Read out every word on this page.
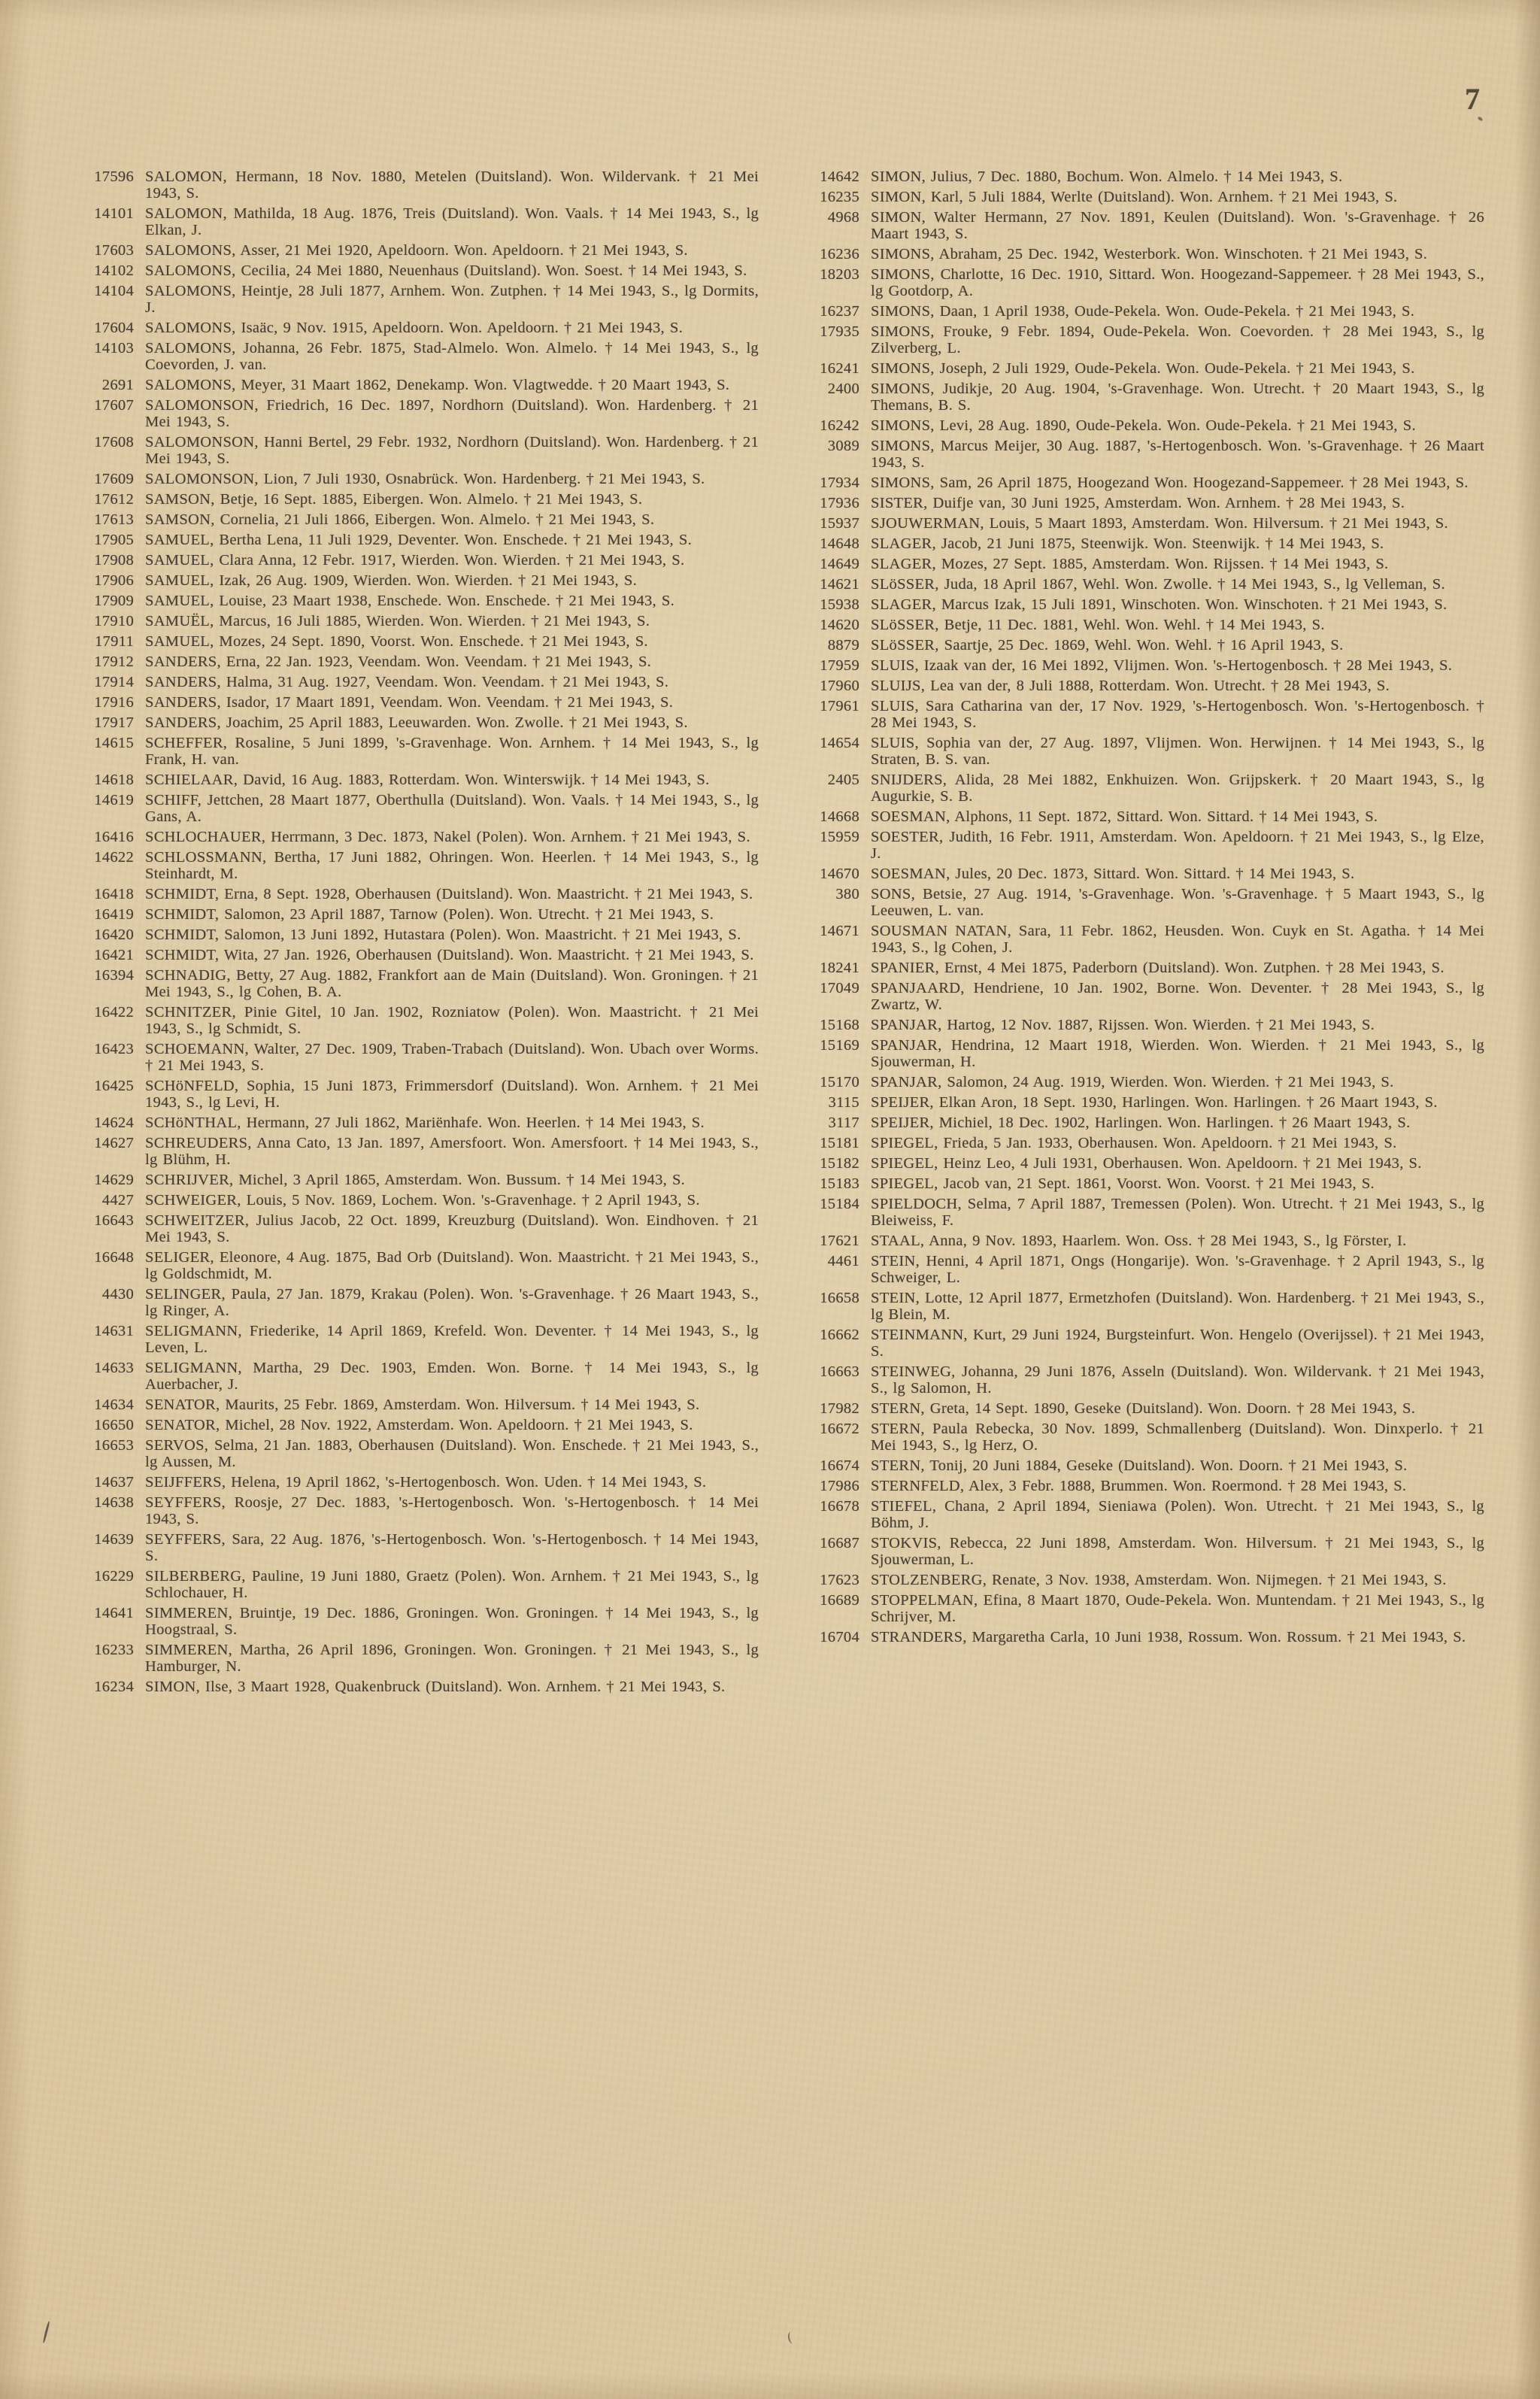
7
17596 SALOMON, Hermann, 18 Nov. 1880, Metelen (Duitsland). Won. Wildervank. † 21 Mei 1943, S.
14101 SALOMON, Mathilda, 18 Aug. 1876, Treis (Duitsland). Won. Vaals. † 14 Mei 1943, S., lg Elkan, J.
17603 SALOMONS, Asser, 21 Mei 1920, Apeldoorn. Won. Apeldoorn. † 21 Mei 1943, S.
14102 SALOMONS, Cecilia, 24 Mei 1880, Neuenhaus (Duitsland). Won. Soest. † 14 Mei 1943, S.
14104 SALOMONS, Heintje, 28 Juli 1877, Arnhem. Won. Zutphen. † 14 Mei 1943, S., lg Dormits, J.
17604 SALOMONS, Isaäc, 9 Nov. 1915, Apeldoorn. Won. Apeldoorn. † 21 Mei 1943, S.
14103 SALOMONS, Johanna, 26 Febr. 1875, Stad-Almelo. Won. Almelo. † 14 Mei 1943, S., lg Coevorden, J. van.
2691 SALOMONS, Meyer, 31 Maart 1862, Denekamp. Won. Vlagtwedde. † 20 Maart 1943, S.
17607 SALOMONSON, Friedrich, 16 Dec. 1897, Nordhorn (Duitsland). Won. Hardenberg. † 21 Mei 1943, S.
17608 SALOMONSON, Hanni Bertel, 29 Febr. 1932, Nordhorn (Duitsland). Won. Hardenberg. † 21 Mei 1943, S.
17609 SALOMONSON, Lion, 7 Juli 1930, Osnabrück. Won. Hardenberg. † 21 Mei 1943, S.
17612 SAMSON, Betje, 16 Sept. 1885, Eibergen. Won. Almelo. † 21 Mei 1943, S.
17613 SAMSON, Cornelia, 21 Juli 1866, Eibergen. Won. Almelo. † 21 Mei 1943, S.
17905 SAMUEL, Bertha Lena, 11 Juli 1929, Deventer. Won. Enschede. † 21 Mei 1943, S.
17908 SAMUEL, Clara Anna, 12 Febr. 1917, Wierden. Won. Wierden. † 21 Mei 1943, S.
17906 SAMUEL, Izak, 26 Aug. 1909, Wierden. Won. Wierden. † 21 Mei 1943, S.
17909 SAMUEL, Louise, 23 Maart 1938, Enschede. Won. Enschede. † 21 Mei 1943, S.
17910 SAMUËL, Marcus, 16 Juli 1885, Wierden. Won. Wierden. † 21 Mei 1943, S.
17911 SAMUEL, Mozes, 24 Sept. 1890, Voorst. Won. Enschede. † 21 Mei 1943, S.
17912 SANDERS, Erna, 22 Jan. 1923, Veendam. Won. Veendam. † 21 Mei 1943, S.
17914 SANDERS, Halma, 31 Aug. 1927, Veendam. Won. Veendam. † 21 Mei 1943, S.
17916 SANDERS, Isador, 17 Maart 1891, Veendam. Won. Veendam. † 21 Mei 1943, S.
17917 SANDERS, Joachim, 25 April 1883, Leeuwarden. Won. Zwolle. † 21 Mei 1943, S.
14615 SCHEFFER, Rosaline, 5 Juni 1899, 's-Gravenhage. Won. Arnhem. † 14 Mei 1943, S., lg Frank, H. van.
14618 SCHIELAAR, David, 16 Aug. 1883, Rotterdam. Won. Winterswijk. † 14 Mei 1943, S.
14619 SCHIFF, Jettchen, 28 Maart 1877, Oberthulla (Duitsland). Won. Vaals. † 14 Mei 1943, S., lg Gans, A.
16416 SCHLOCHAUER, Herrmann, 3 Dec. 1873, Nakel (Polen). Won. Arnhem. † 21 Mei 1943, S.
14622 SCHLOSSMANN, Bertha, 17 Juni 1882, Ohringen. Won. Heerlen. † 14 Mei 1943, S., lg Steinhardt, M.
16418 SCHMIDT, Erna, 8 Sept. 1928, Oberhausen (Duitsland). Won. Maastricht. † 21 Mei 1943, S.
16419 SCHMIDT, Salomon, 23 April 1887, Tarnow (Polen). Won. Utrecht. † 21 Mei 1943, S.
16420 SCHMIDT, Salomon, 13 Juni 1892, Hutastara (Polen). Won. Maastricht. † 21 Mei 1943, S.
16421 SCHMIDT, Wita, 27 Jan. 1926, Oberhausen (Duitsland). Won. Maastricht. † 21 Mei 1943, S.
16394 SCHNADIG, Betty, 27 Aug. 1882, Frankfort aan de Main (Duitsland). Won. Groningen. † 21 Mei 1943, S., lg Cohen, B. A.
16422 SCHNITZER, Pinie Gitel, 10 Jan. 1902, Rozniatow (Polen). Won. Maastricht. † 21 Mei 1943, S., lg Schmidt, S.
16423 SCHOEMANN, Walter, 27 Dec. 1909, Traben-Trabach (Duitsland). Won. Ubach over Worms. † 21 Mei 1943, S.
16425 SCHöNFELD, Sophia, 15 Juni 1873, Frimmersdorf (Duitsland). Won. Arnhem. † 21 Mei 1943, S., lg Levi, H.
14624 SCHöNTHAL, Hermann, 27 Juli 1862, Mariënhafe. Won. Heerlen. † 14 Mei 1943, S.
14627 SCHREUDERS, Anna Cato, 13 Jan. 1897, Amersfoort. Won. Amersfoort. † 14 Mei 1943, S., lg Blühm, H.
14629 SCHRIJVER, Michel, 3 April 1865, Amsterdam. Won. Bussum. † 14 Mei 1943, S.
4427 SCHWEIGER, Louis, 5 Nov. 1869, Lochem. Won. 's-Gravenhage. † 2 April 1943, S.
16643 SCHWEITZER, Julius Jacob, 22 Oct. 1899, Kreuzburg (Duitsland). Won. Eindhoven. † 21 Mei 1943, S.
16648 SELIGER, Eleonore, 4 Aug. 1875, Bad Orb (Duitsland). Won. Maastricht. † 21 Mei 1943, S., lg Goldschmidt, M.
4430 SELINGER, Paula, 27 Jan. 1879, Krakau (Polen). Won. 's-Gravenhage. † 26 Maart 1943, S., lg Ringer, A.
14631 SELIGMANN, Friederike, 14 April 1869, Krefeld. Won. Deventer. † 14 Mei 1943, S., lg Leven, L.
14633 SELIGMANN, Martha, 29 Dec. 1903, Emden. Won. Borne. † 14 Mei 1943, S., lg Auerbacher, J.
14634 SENATOR, Maurits, 25 Febr. 1869, Amsterdam. Won. Hilversum. † 14 Mei 1943, S.
16650 SENATOR, Michel, 28 Nov. 1922, Amsterdam. Won. Apeldoorn. † 21 Mei 1943, S.
16653 SERVOS, Selma, 21 Jan. 1883, Oberhausen (Duitsland). Won. Enschede. † 21 Mei 1943, S., lg Aussen, M.
14637 SEIJFFERS, Helena, 19 April 1862, 's-Hertogenbosch. Won. Uden. † 14 Mei 1943, S.
14638 SEYFFERS, Roosje, 27 Dec. 1883, 's-Hertogenbosch. Won. 's-Hertogenbosch. † 14 Mei 1943, S.
14639 SEYFFERS, Sara, 22 Aug. 1876, 's-Hertogenbosch. Won. 's-Hertogenbosch. † 14 Mei 1943, S.
16229 SILBERBERG, Pauline, 19 Juni 1880, Graetz (Polen). Won. Arnhem. † 21 Mei 1943, S., lg Schlochauer, H.
14641 SIMMEREN, Bruintje, 19 Dec. 1886, Groningen. Won. Groningen. † 14 Mei 1943, S., lg Hoogstraal, S.
16233 SIMMEREN, Martha, 26 April 1896, Groningen. Won. Groningen. † 21 Mei 1943, S., lg Hamburger, N.
16234 SIMON, Ilse, 3 Maart 1928, Quakenbruck (Duitsland). Won. Arnhem. † 21 Mei 1943, S.
14642 SIMON, Julius, 7 Dec. 1880, Bochum. Won. Almelo. † 14 Mei 1943, S.
16235 SIMON, Karl, 5 Juli 1884, Werlte (Duitsland). Won. Arnhem. † 21 Mei 1943, S.
4968 SIMON, Walter Hermann, 27 Nov. 1891, Keulen (Duitsland). Won. 's-Gravenhage. † 26 Maart 1943, S.
16236 SIMONS, Abraham, 25 Dec. 1942, Westerbork. Won. Winschoten. † 21 Mei 1943, S.
18203 SIMONS, Charlotte, 16 Dec. 1910, Sittard. Won. Hoogezand-Sappemeer. † 28 Mei 1943, S., lg Gootdorp, A.
16237 SIMONS, Daan, 1 April 1938, Oude-Pekela. Won. Oude-Pekela. † 21 Mei 1943, S.
17935 SIMONS, Frouke, 9 Febr. 1894, Oude-Pekela. Won. Coevorden. † 28 Mei 1943, S., lg Zilverberg, L.
16241 SIMONS, Joseph, 2 Juli 1929, Oude-Pekela. Won. Oude-Pekela. † 21 Mei 1943, S.
2400 SIMONS, Judikje, 20 Aug. 1904, 's-Gravenhage. Won. Utrecht. † 20 Maart 1943, S., lg Themans, B. S.
16242 SIMONS, Levi, 28 Aug. 1890, Oude-Pekela. Won. Oude-Pekela. † 21 Mei 1943, S.
3089 SIMONS, Marcus Meijer, 30 Aug. 1887, 's-Hertogenbosch. Won. 's-Gravenhage. † 26 Maart 1943, S.
17934 SIMONS, Sam, 26 April 1875, Hoogezand Won. Hoogezand-Sappemeer. † 28 Mei 1943, S.
17936 SISTER, Duifje van, 30 Juni 1925, Amsterdam. Won. Arnhem. † 28 Mei 1943, S.
15937 SJOUWERMAN, Louis, 5 Maart 1893, Amsterdam. Won. Hilversum. † 21 Mei 1943, S.
14648 SLAGER, Jacob, 21 Juni 1875, Steenwijk. Won. Steenwijk. † 14 Mei 1943, S.
14649 SLAGER, Mozes, 27 Sept. 1885, Amsterdam. Won. Rijssen. † 14 Mei 1943, S.
14621 SLöSSER, Juda, 18 April 1867, Wehl. Won. Zwolle. † 14 Mei 1943, S., lg Velleman, S.
15938 SLAGER, Marcus Izak, 15 Juli 1891, Winschoten. Won. Winschoten. † 21 Mei 1943, S.
14620 SLöSSER, Betje, 11 Dec. 1881, Wehl. Won. Wehl. † 14 Mei 1943, S.
8879 SLöSSER, Saartje, 25 Dec. 1869, Wehl. Won. Wehl. † 16 April 1943, S.
17959 SLUIS, Izaak van der, 16 Mei 1892, Vlijmen. Won. 's-Hertogenbosch. † 28 Mei 1943, S.
17960 SLUIJS, Lea van der, 8 Juli 1888, Rotterdam. Won. Utrecht. † 28 Mei 1943, S.
17961 SLUIS, Sara Catharina van der, 17 Nov. 1929, 's-Hertogenbosch. Won. 's-Hertogenbosch. † 28 Mei 1943, S.
14654 SLUIS, Sophia van der, 27 Aug. 1897, Vlijmen. Won. Herwijnen. † 14 Mei 1943, S., lg Straten, B. S. van.
2405 SNIJDERS, Alida, 28 Mei 1882, Enkhuizen. Won. Grijpskerk. † 20 Maart 1943, S., lg Augurkie, S. B.
14668 SOESMAN, Alphons, 11 Sept. 1872, Sittard. Won. Sittard. † 14 Mei 1943, S.
15959 SOESTER, Judith, 16 Febr. 1911, Amsterdam. Won. Apeldoorn. † 21 Mei 1943, S., lg Elze, J.
14670 SOESMAN, Jules, 20 Dec. 1873, Sittard. Won. Sittard. † 14 Mei 1943, S.
380 SONS, Betsie, 27 Aug. 1914, 's-Gravenhage. Won. 's-Gravenhage. † 5 Maart 1943, S., lg Leeuwen, L. van.
14671 SOUSMAN NATAN, Sara, 11 Febr. 1862, Heusden. Won. Cuyk en St. Agatha. † 14 Mei 1943, S., lg Cohen, J.
18241 SPANIER, Ernst, 4 Mei 1875, Paderborn (Duitsland). Won. Zutphen. † 28 Mei 1943, S.
17049 SPANJAARD, Hendriene, 10 Jan. 1902, Borne. Won. Deventer. † 28 Mei 1943, S., lg Zwartz, W.
15168 SPANJAR, Hartog, 12 Nov. 1887, Rijssen. Won. Wierden. † 21 Mei 1943, S.
15169 SPANJAR, Hendrina, 12 Maart 1918, Wierden. Won. Wierden. † 21 Mei 1943, S., lg Sjouwerman, H.
15170 SPANJAR, Salomon, 24 Aug. 1919, Wierden. Won. Wierden. † 21 Mei 1943, S.
3115 SPEIJER, Elkan Aron, 18 Sept. 1930, Harlingen. Won. Harlingen. † 26 Maart 1943, S.
3117 SPEIJER, Michiel, 18 Dec. 1902, Harlingen. Won. Harlingen. † 26 Maart 1943, S.
15181 SPIEGEL, Frieda, 5 Jan. 1933, Oberhausen. Won. Apeldoorn. † 21 Mei 1943, S.
15182 SPIEGEL, Heinz Leo, 4 Juli 1931, Oberhausen. Won. Apeldoorn. † 21 Mei 1943, S.
15183 SPIEGEL, Jacob van, 21 Sept. 1861, Voorst. Won. Voorst. † 21 Mei 1943, S.
15184 SPIELDOCH, Selma, 7 April 1887, Tremessen (Polen). Won. Utrecht. † 21 Mei 1943, S., lg Bleiweiss, F.
17621 STAAL, Anna, 9 Nov. 1893, Haarlem. Won. Oss. † 28 Mei 1943, S., lg Förster, I.
4461 STEIN, Henni, 4 April 1871, Ongs (Hongarije). Won. 's-Gravenhage. † 2 April 1943, S., lg Schweiger, L.
16658 STEIN, Lotte, 12 April 1877, Ermetzhofen (Duitsland). Won. Hardenberg. † 21 Mei 1943, S., lg Blein, M.
16662 STEINMANN, Kurt, 29 Juni 1924, Burgsteinfurt. Won. Hengelo (Overijssel). † 21 Mei 1943, S.
16663 STEINWEG, Johanna, 29 Juni 1876, Asseln (Duitsland). Won. Wildervank. † 21 Mei 1943, S., lg Salomon, H.
17982 STERN, Greta, 14 Sept. 1890, Geseke (Duitsland). Won. Doorn. † 28 Mei 1943, S.
16672 STERN, Paula Rebecka, 30 Nov. 1899, Schmallenberg (Duitsland). Won. Dinxperlo. † 21 Mei 1943, S., lg Herz, O.
16674 STERN, Tonij, 20 Juni 1884, Geseke (Duitsland). Won. Doorn. † 21 Mei 1943, S.
17986 STERNFELD, Alex, 3 Febr. 1888, Brummen. Won. Roermond. † 28 Mei 1943, S.
16678 STIEFEL, Chana, 2 April 1894, Sieniawa (Polen). Won. Utrecht. † 21 Mei 1943, S., lg Böhm, J.
16687 STOKVIS, Rebecca, 22 Juni 1898, Amsterdam. Won. Hilversum. † 21 Mei 1943, S., lg Sjouwerman, L.
17623 STOLZENBERG, Renate, 3 Nov. 1938, Amsterdam. Won. Nijmegen. † 21 Mei 1943, S.
16689 STOPPELMAN, Efina, 8 Maart 1870, Oude-Pekela. Won. Muntendam. † 21 Mei 1943, S., lg Schrijver, M.
16704 STRANDERS, Margaretha Carla, 10 Juni 1938, Rossum. Won. Rossum. † 21 Mei 1943, S.
